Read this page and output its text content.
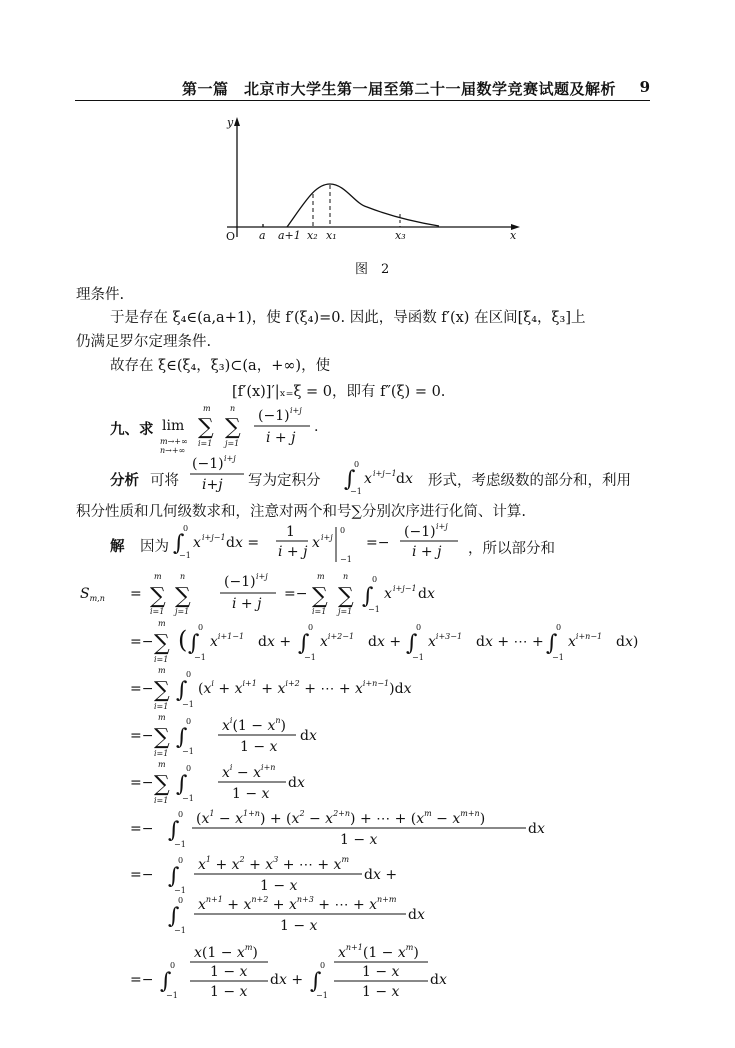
第一篇　北京市大学生第一届至第二十一届数学竞赛试题及解析 9
y
O a a+1 x₂ x₁	x₃	x
图　2
理条件.
于是存在 ξ₄∈(a,a+1)，使 f′(ξ₄)=0. 因此，导函数 f′(x) 在区间[ξ₄，ξ₃]上
仍满足罗尔定理条件.
故存在 ξ∈(ξ₄，ξ₃)⊂(a，+∞)，使
[f′(x)]′|ₓ₌ξ = 0，即有 f″(ξ) = 0.
九、求 lim
m→+∞
n→+∞
∑
m
i=1
∑
n
j=1
(−1) i+j
i + j
.
(−1) i+j
i+j	∫
0
−1
x i+j−1 dx
∫
0
−1
x i+j−1 dx =
1
i + j
x i+j
0
−1
=−
(−1) i+j
i + j
$S_{m,n}$ = ∑
m
i=1
∑
n
j=1
(−1) i+j
i + j
=− ∑
m
i=1
∑
n
j=1
∫
0
−1
x i+j−1 dx
=− ∑
m
i=1
( ∫
0
−1
$x^{i+1-1}$ dx + ∫
0
−1
$x^{i+2-1}$ dx + ∫
0
−1
$x^{i+3-1}$ dx + ⋯ + ∫
0
−1
$x^{i+n-1}$ dx)
=− ∑
m
i=1
∫
0
−1
($x^i + x^{i+1} + x^{i+2}$ + ⋯ + $x^{i+n-1})dx$
=− ∑
m
i=1
∫
0
−1
$x^i(1 - x^n)$
1 − x
dx
=− ∑
m
i=1
∫
0
−1
$x^i - x^{i+n}$
1 − x
dx
=− ∫
0
−1
$(x^1 - x^{1+n}) + (x^2 - x^{2+n})$ + ⋯ + $(x^m - x^{m+n})$
1 − x
dx
=− ∫
0
−1
$x^1 + x^2 + x^3$ + ⋯ + $x^m$
1 − x
dx +
∫
0
−1
$x^{n+1} + x^{n+2} + x^{n+3}$ + ⋯ + $x^{n+m}$
1 − x
dx
=− ∫
0
−1
$x(1 - x^m)$
1 − x
1 − x
dx + ∫
0
−1
$x^{n+1}(1 - x^m)$
1 − x
1 − x
dx
分析 可将	写为定积分	形式，考虑级数的部分和，利用
积分性质和几何级数求和，注意对两个和号∑分别次序进行化简、计算.
解 因为	，所以部分和
